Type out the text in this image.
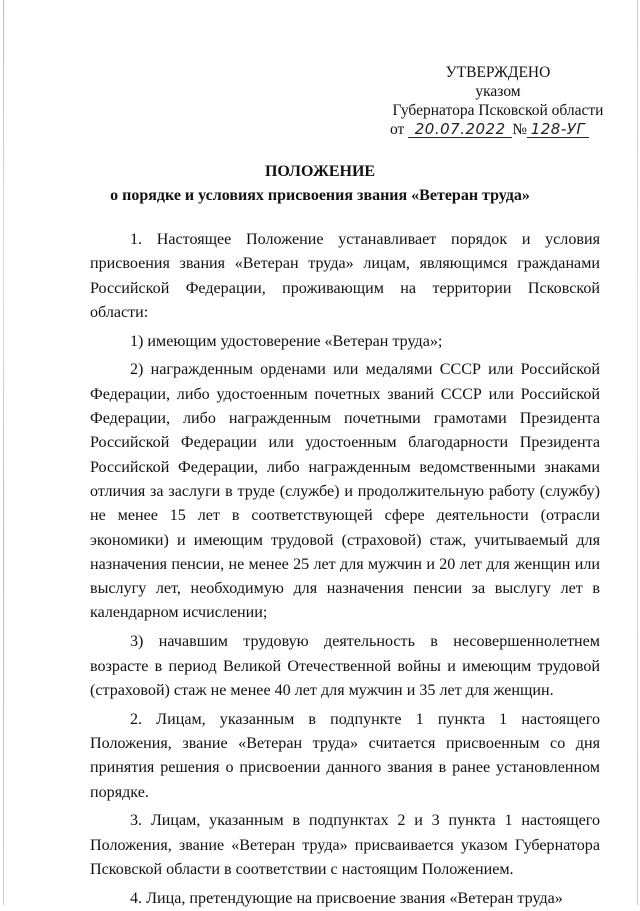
УТВЕРЖДЕНО
указом
Губернатора Псковской области
от 20.07.2022 № 128-УГ
ПОЛОЖЕНИЕ
о порядке и условиях присвоения звания «Ветеран труда»

1. Настоящее Положение устанавливает порядок и условия присвоения звания «Ветеран труда» лицам, являющимся гражданами Российской Федерации, проживающим на территории Псковской области:

1) имеющим удостоверение «Ветеран труда»;

2) награжденным орденами или медалями СССР или Российской Федерации, либо удостоенным почетных званий СССР или Российской Федерации, либо награжденным почетными грамотами Президента Российской Федерации или удостоенным благодарности Президента Российской Федерации, либо награжденным ведомственными знаками отличия за заслуги в труде (службе) и продолжительную работу (службу) не менее 15 лет в соответствующей сфере деятельности (отрасли экономики) и имеющим трудовой (страховой) стаж, учитываемый для назначения пенсии, не менее 25 лет для мужчин и 20 лет для женщин или выслугу лет, необходимую для назначения пенсии за выслугу лет в календарном исчислении;

3) начавшим трудовую деятельность в несовершеннолетнем возрасте в период Великой Отечественной войны и имеющим трудовой (страховой) стаж не менее 40 лет для мужчин и 35 лет для женщин.

2. Лицам, указанным в подпункте 1 пункта 1 настоящего Положения, звание «Ветеран труда» считается присвоенным со дня принятия решения о присвоении данного звания в ранее установленном порядке.

3. Лицам, указанным в подпунктах 2 и 3 пункта 1 настоящего Положения, звание «Ветеран труда» присваивается указом Губернатора Псковской области в соответствии с настоящим Положением.

4. Лица, претендующие на присвоение звания «Ветеран труда»
